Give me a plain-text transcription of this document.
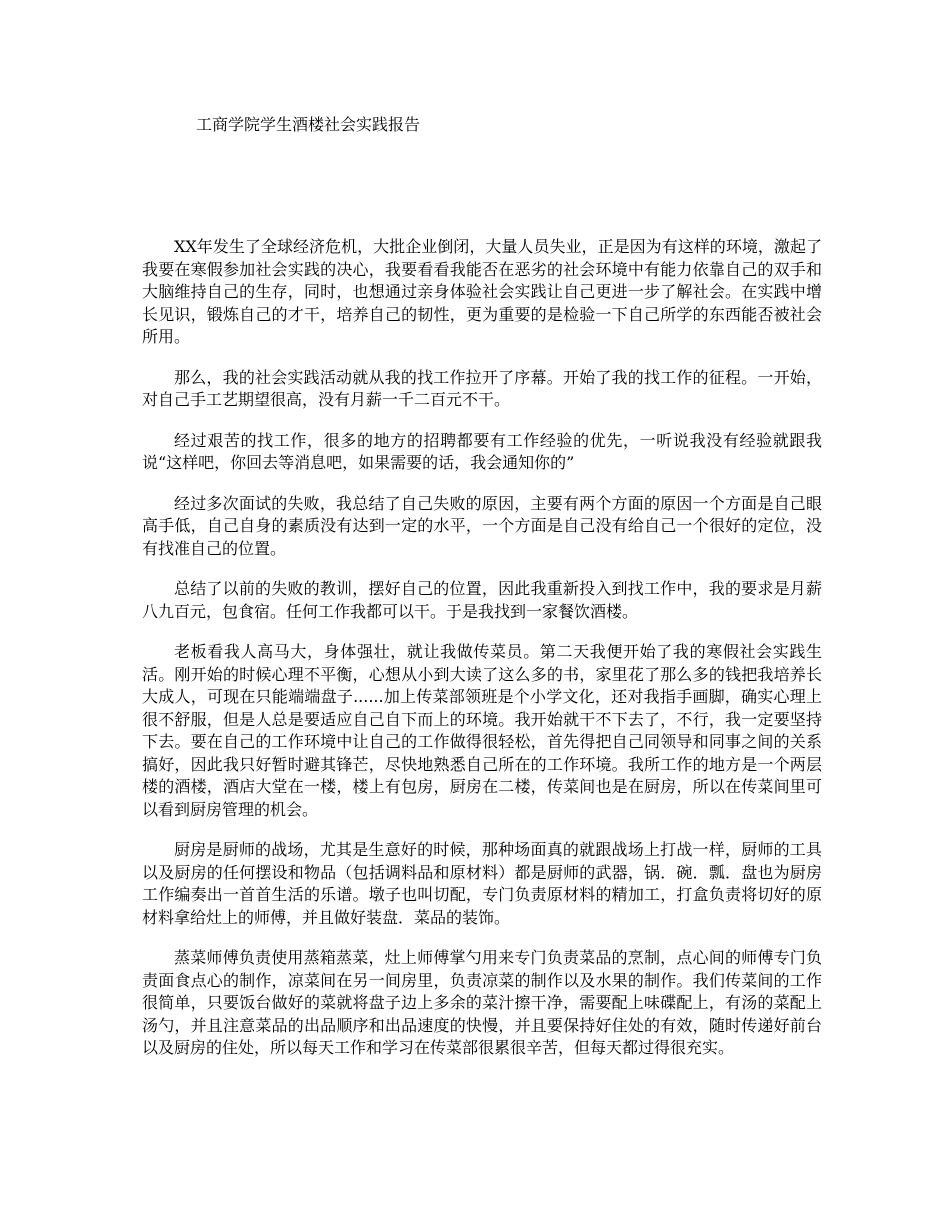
工商学院学生酒楼社会实践报告

XX年发生了全球经济危机，大批企业倒闭，大量人员失业，正是因为有这样的环境，激起了我要在寒假参加社会实践的决心，我要看看我能否在恶劣的社会环境中有能力依靠自己的双手和大脑维持自己的生存，同时，也想通过亲身体验社会实践让自己更进一步了解社会。在实践中增长见识，锻炼自己的才干，培养自己的韧性，更为重要的是检验一下自己所学的东西能否被社会所用。

那么，我的社会实践活动就从我的找工作拉开了序幕。开始了我的找工作的征程。一开始，对自己手工艺期望很高，没有月薪一千二百元不干。

经过艰苦的找工作，很多的地方的招聘都要有工作经验的优先，一听说我没有经验就跟我说“这样吧，你回去等消息吧，如果需要的话，我会通知你的”

经过多次面试的失败，我总结了自己失败的原因，主要有两个方面的原因一个方面是自己眼高手低，自己自身的素质没有达到一定的水平，一个方面是自己没有给自己一个很好的定位，没有找准自己的位置。

总结了以前的失败的教训，摆好自己的位置，因此我重新投入到找工作中，我的要求是月薪八九百元，包食宿。任何工作我都可以干。于是我找到一家餐饮酒楼。

老板看我人高马大，身体强壮，就让我做传菜员。第二天我便开始了我的寒假社会实践生活。刚开始的时候心理不平衡，心想从小到大读了这么多的书，家里花了那么多的钱把我培养长大成人，可现在只能端端盘子......加上传菜部领班是个小学文化，还对我指手画脚，确实心理上很不舒服，但是人总是要适应自己自下而上的环境。我开始就干不下去了，不行，我一定要坚持下去。要在自己的工作环境中让自己的工作做得很轻松，首先得把自己同领导和同事之间的关系搞好，因此我只好暂时避其锋芒，尽快地熟悉自己所在的工作环境。我所工作的地方是一个两层楼的酒楼，酒店大堂在一楼，楼上有包房，厨房在二楼，传菜间也是在厨房，所以在传菜间里可以看到厨房管理的机会。

厨房是厨师的战场，尤其是生意好的时候，那种场面真的就跟战场上打战一样，厨师的工具以及厨房的任何摆设和物品（包括调料品和原材料）都是厨师的武器，锅．碗．瓢．盘也为厨房工作编奏出一首首生活的乐谱。墩子也叫切配，专门负责原材料的精加工，打盒负责将切好的原材料拿给灶上的师傅，并且做好装盘．菜品的装饰。

蒸菜师傅负责使用蒸箱蒸菜，灶上师傅掌勺用来专门负责菜品的烹制，点心间的师傅专门负责面食点心的制作，凉菜间在另一间房里，负责凉菜的制作以及水果的制作。我们传菜间的工作很简单，只要饭台做好的菜就将盘子边上多余的菜汁擦干净，需要配上味碟配上，有汤的菜配上汤勺，并且注意菜品的出品顺序和出品速度的快慢，并且要保持好住处的有效，随时传递好前台以及厨房的住处，所以每天工作和学习在传菜部很累很辛苦，但每天都过得很充实。
